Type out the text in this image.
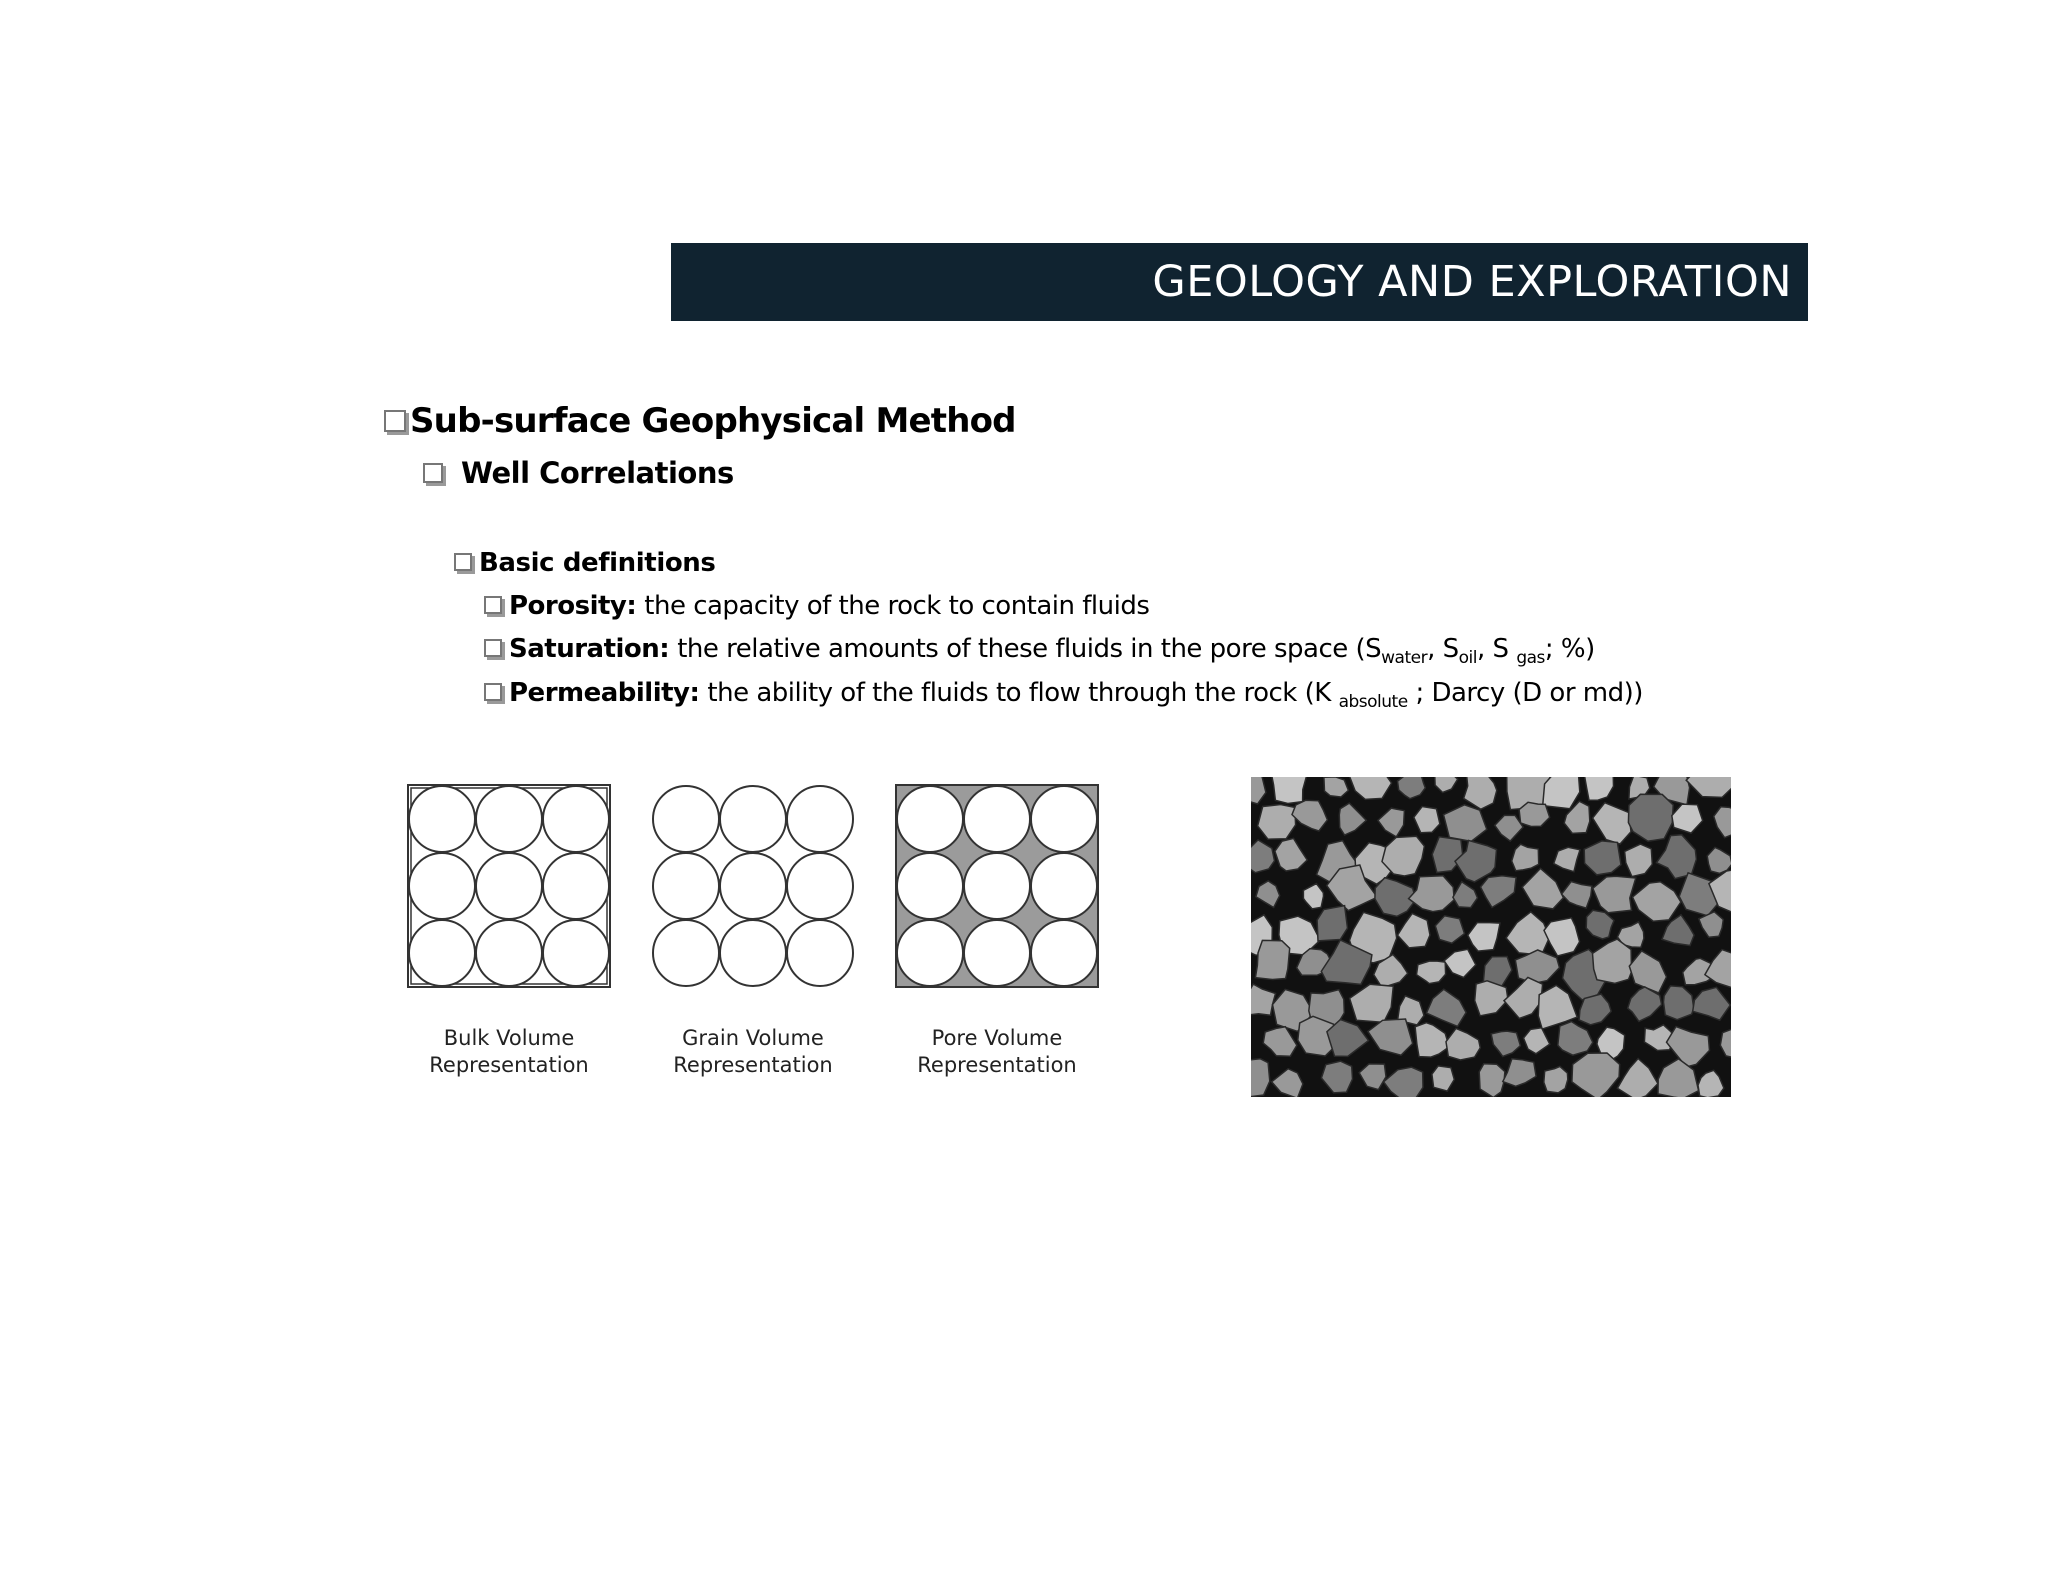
GEOLOGY AND EXPLORATION
Sub-surface Geophysical Method
Well Correlations
Basic definitions
Porosity: the capacity of the rock to contain fluids
Saturation: the relative amounts of these fluids in the pore space ($S_{water}$, $S_{oil}$, S $_{gas}$; %)
Permeability: the ability of the fluids to flow through the rock (K $_{absolute}$ ; Darcy (D or md))
Bulk Volume
Representation
Grain Volume
Representation
Pore Volume
Representation
